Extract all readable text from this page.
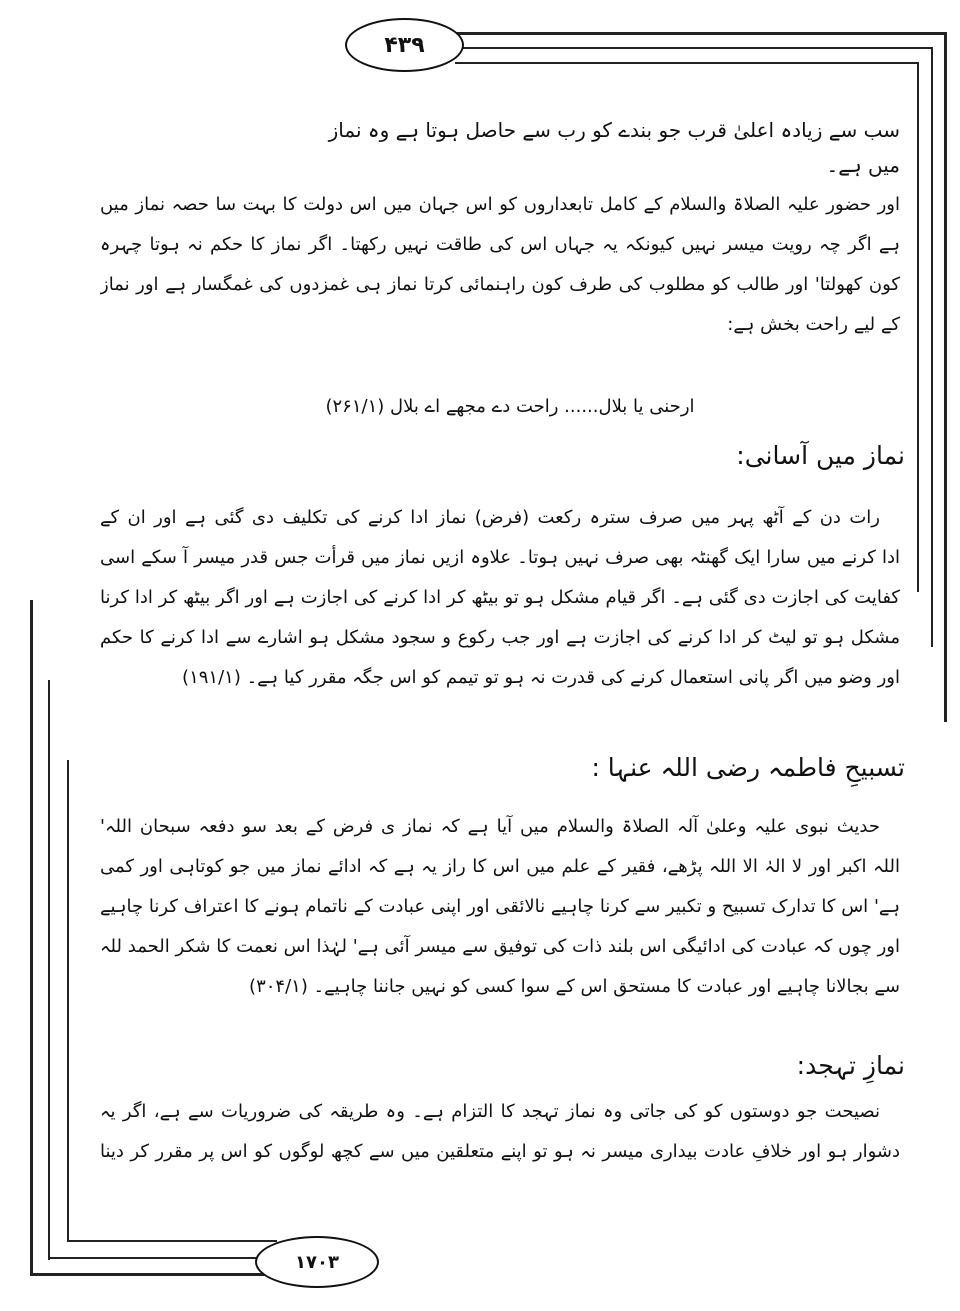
۴۳۹
۱۷۰۳
سب سے زیادہ اعلیٰ قرب جو بندے کو رب سے حاصل ہوتا ہے وہ نماز
میں ہے۔
اور حضور علیہ الصلاۃ والسلام کے کامل تابعداروں کو اس جہان میں اس دولت کا بہت سا حصہ نماز میں
ہے اگر چہ رویت میسر نہیں کیونکہ یہ جہاں اس کی طاقت نہیں رکھتا۔ اگر نماز کا حکم نہ ہوتا چہرہ
کون کھولتا' اور طالب کو مطلوب کی طرف کون راہنمائی کرتا نماز ہی غمزدوں کی غمگسار ہے اور نماز
کے لیے راحت بخش ہے:
ارحنی یا بلال...... راحت دے مجھے اے بلال (۲۶۱/۱)
نماز میں آسانی:
رات دن کے آٹھ پہر میں صرف سترہ رکعت (فرض) نماز ادا کرنے کی تکلیف دی گئی ہے اور ان کے
ادا کرنے میں سارا ایک گھنٹہ بھی صرف نہیں ہوتا۔ علاوہ ازیں نماز میں قرأت جس قدر میسر آ سکے اسی
کفایت کی اجازت دی گئی ہے۔ اگر قیام مشکل ہو تو بیٹھ کر ادا کرنے کی اجازت ہے اور اگر بیٹھ کر ادا کرنا
مشکل ہو تو لیٹ کر ادا کرنے کی اجازت ہے اور جب رکوع و سجود مشکل ہو اشارے سے ادا کرنے کا حکم
اور وضو میں اگر پانی استعمال کرنے کی قدرت نہ ہو تو تیمم کو اس جگہ مقرر کیا ہے۔ (۱۹۱/۱)
تسبیحِ فاطمہ رضی اللہ عنہا :
حدیث نبوی علیہ وعلیٰ آلہ الصلاۃ والسلام میں آیا ہے کہ نماز ی فرض کے بعد سو دفعہ سبحان اللہ'
اللہ اکبر اور لا الہٰ الا اللہ پڑھے، فقیر کے علم میں اس کا راز یہ ہے کہ ادائے نماز میں جو کوتاہی اور کمی
ہے' اس کا تدارک تسبیح و تکبیر سے کرنا چاہیے نالائقی اور اپنی عبادت کے ناتمام ہونے کا اعتراف کرنا چاہیے
اور چوں کہ عبادت کی ادائیگی اس بلند ذات کی توفیق سے میسر آئی ہے' لہٰذا اس نعمت کا شکر الحمد للہ
سے بجالانا چاہیے اور عبادت کا مستحق اس کے سوا کسی کو نہیں جاننا چاہیے۔ (۳۰۴/۱)
نمازِ تہجد:
نصیحت جو دوستوں کو کی جاتی وہ نماز تہجد کا التزام ہے۔ وہ طریقہ کی ضروریات سے ہے، اگر یہ
دشوار ہو اور خلافِ عادت بیداری میسر نہ ہو تو اپنے متعلقین میں سے کچھ لوگوں کو اس پر مقرر کر دینا
